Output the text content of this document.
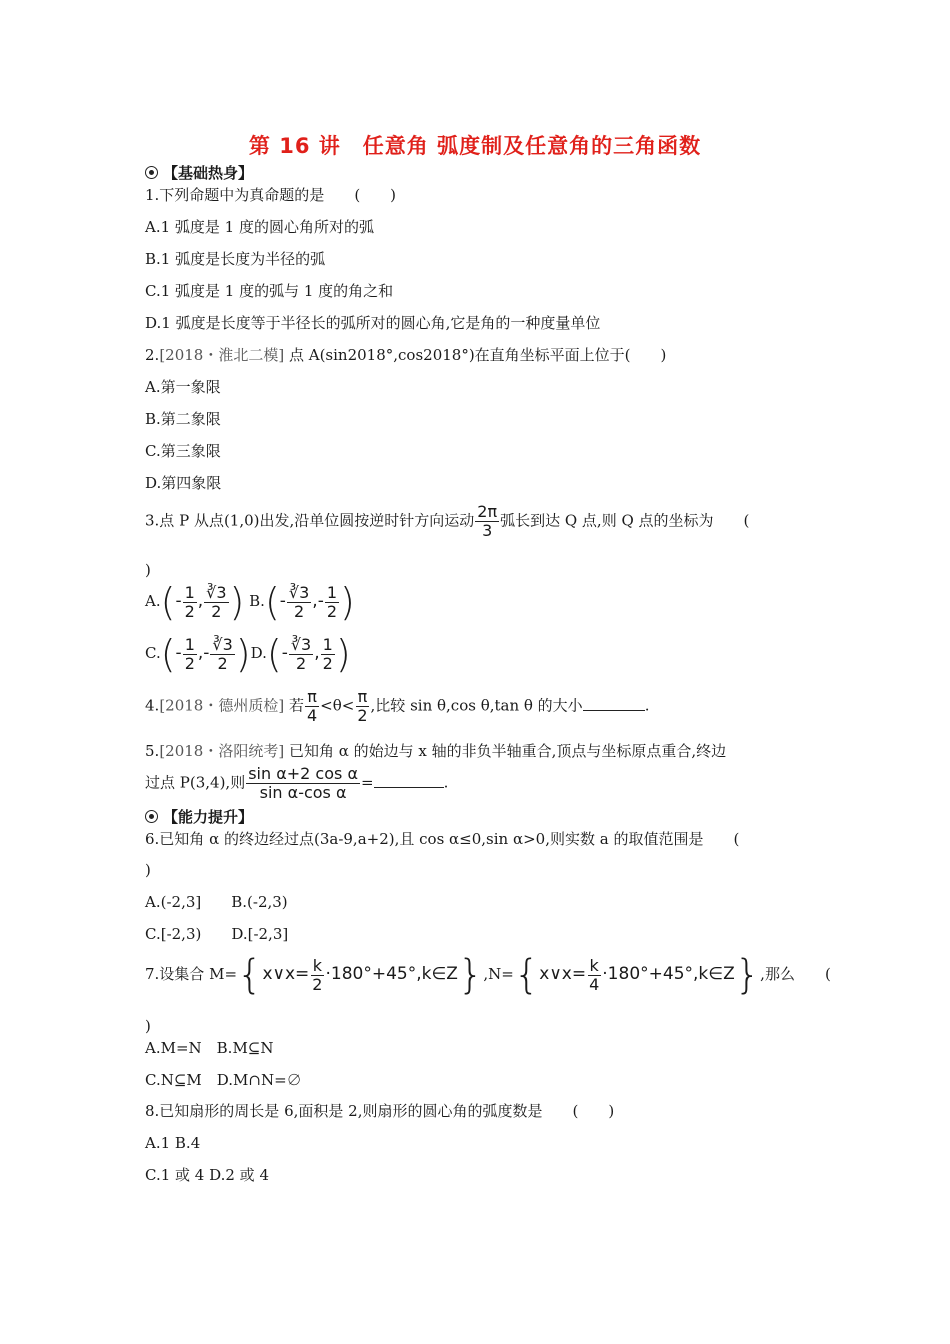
第 16 讲　任意角 弧度制及任意角的三角函数
【基础热身】
1.下列命题中为真命题的是　　(　　)
A.1 弧度是 1 度的圆心角所对的弧
B.1 弧度是长度为半径的弧
C.1 弧度是 1 度的弧与 1 度的角之和
D.1 弧度是长度等于半径长的弧所对的圆心角,它是角的一种度量单位
2.[2018・淮北二模] 点 A(sin2018°,cos2018°)在直角坐标平面上位于(　　)
A.第一象限
B.第二象限
C.第三象限
D.第四象限
3.点 P 从点(1,0)出发,沿单位圆按逆时针方向运动 $\frac{2\pi}{3}$ 弧长到达 Q 点,则 Q 点的坐标为　　(
)
$A.(- \frac{1}{2}$ , $\frac{∛3}{2}$ ) $B.(- \frac{∛3}{2}$ ,- $\frac{1}{2}$ )
$C.(- \frac{1}{2}$ ,- $\frac{∛3}{2} )D.(- \frac{∛3}{2}$ , $\frac{1}{2}$ )
4.[2018・德州质检] 若 $\frac{\pi}{4} <\theta< \frac{\pi}{2}$ ,比较 sin θ,cos θ,tan θ 的大小	.
5.[2018・洛阳统考] 已知角 α 的始边与 x 轴的非负半轴重合,顶点与坐标原点重合,终边
过点 P(3,4),则 $\frac{\text{sin α+2 cos α}}{\text{sin α-cos α}}$ =	.
【能力提升】
6.已知角 α 的终边经过点(3a-9,a+2),且 cos α≤0,sin α>0,则实数 a 的取值范围是　　(
)
A.(-2,3]　　B.(-2,3)
C.[-2,3)　　D.[-2,3]
7.设集合 M={x∨x= $\frac{k}{2}$ ·180°+45°,k∈Z},N={x∨x= $\frac{k}{4}$ ·180°+45°,k∈Z},那么　　(
)
A.M=N　B.M⊆N
C.N⊆M　D.M∩N=∅
8.已知扇形的周长是 6,面积是 2,则扇形的圆心角的弧度数是　　(　　)
A.1 B.4
C.1 或 4 D.2 或 4
